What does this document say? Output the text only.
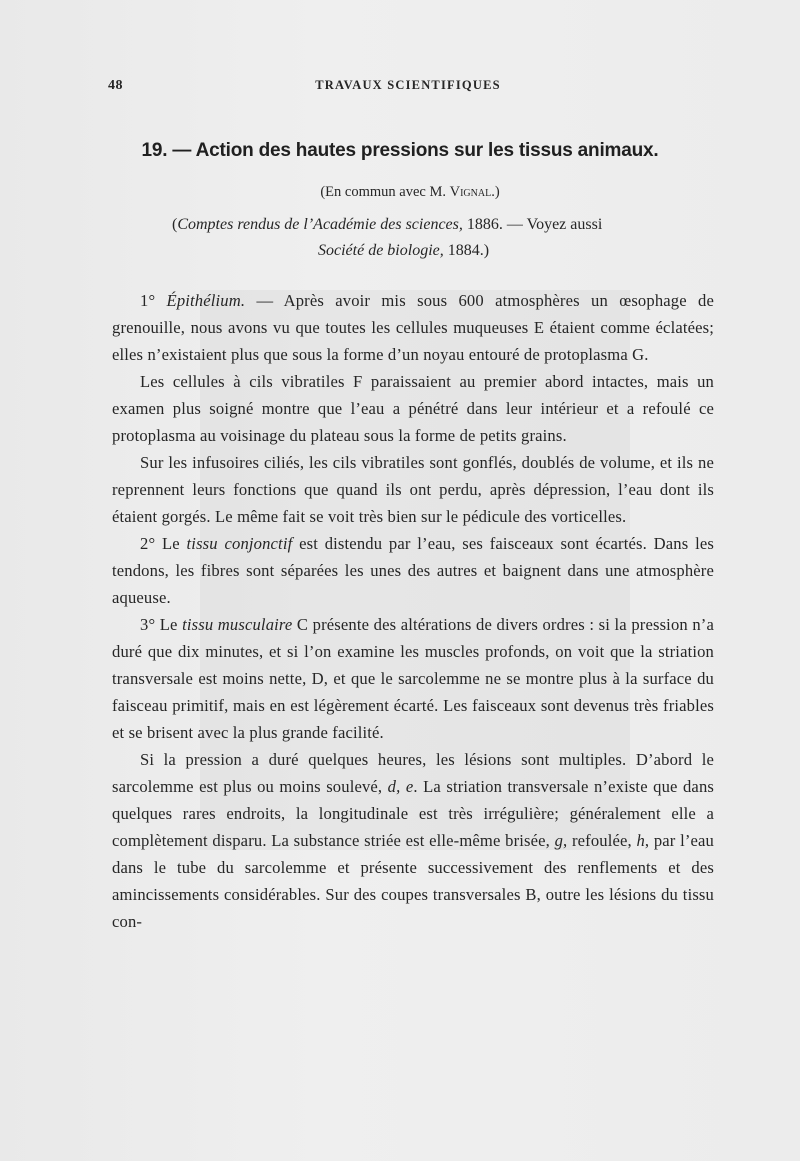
48	TRAVAUX SCIENTIFIQUES
19. — Action des hautes pressions sur les tissus animaux.
(En commun avec M. Vignal.)
(Comptes rendus de l’Académie des sciences, 1886. — Voyez aussi
Société de biologie, 1884.)

1° Épithélium. — Après avoir mis sous 600 atmosphères un œsophage de grenouille, nous avons vu que toutes les cellules muqueuses E étaient comme éclatées; elles n’existaient plus que sous la forme d’un noyau entouré de protoplasma G.

Les cellules à cils vibratiles F paraissaient au premier abord intactes, mais un examen plus soigné montre que l’eau a pénétré dans leur intérieur et a refoulé ce protoplasma au voisinage du plateau sous la forme de petits grains.

Sur les infusoires ciliés, les cils vibratiles sont gonflés, doublés de volume, et ils ne reprennent leurs fonctions que quand ils ont perdu, après dépression, l’eau dont ils étaient gorgés. Le même fait se voit très bien sur le pédicule des vorticelles.

2° Le tissu conjonctif est distendu par l’eau, ses faisceaux sont écartés. Dans les tendons, les fibres sont séparées les unes des autres et baignent dans une atmosphère aqueuse.

3° Le tissu musculaire C présente des altérations de divers ordres : si la pression n’a duré que dix minutes, et si l’on examine les muscles profonds, on voit que la striation transversale est moins nette, D, et que le sarcolemme ne se montre plus à la surface du faisceau primitif, mais en est légèrement écarté. Les faisceaux sont devenus très friables et se brisent avec la plus grande facilité.

Si la pression a duré quelques heures, les lésions sont multiples. D’abord le sarcolemme est plus ou moins soulevé, d, e. La striation transversale n’existe que dans quelques rares endroits, la longitudinale est très irrégulière; généralement elle a complètement disparu. La substance striée est elle-même brisée, g, refoulée, h, par l’eau dans le tube du sarcolemme et présente successivement des renflements et des amincissements considérables. Sur des coupes transversales B, outre les lésions du tissu con-
